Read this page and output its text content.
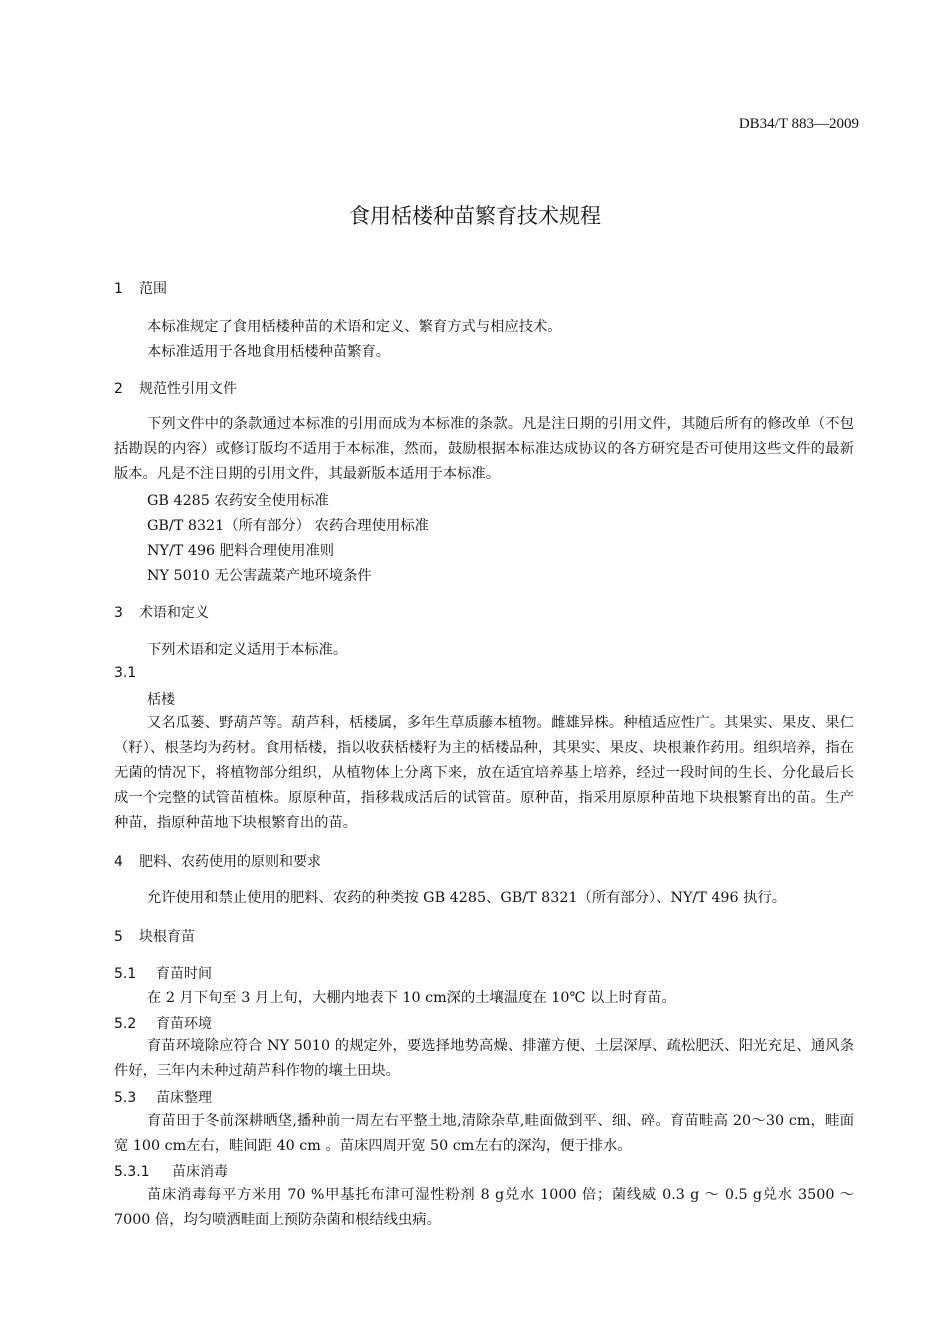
DB34/T 883—2009
食用栝楼种苗繁育技术规程
1 范围
本标准规定了食用栝楼种苗的术语和定义、繁育方式与相应技术。
本标准适用于各地食用栝楼种苗繁育。
2 规范性引用文件

下列文件中的条款通过本标准的引用而成为本标准的条款。凡是注日期的引用文件，其随后所有的修改单（不包括勘误的内容）或修订版均不适用于本标准，然而，鼓励根据本标准达成协议的各方研究是否可使用这些文件的最新版本。凡是不注日期的引用文件，其最新版本适用于本标准。

GB 4285 农药安全使用标准
GB/T 8321（所有部分） 农药合理使用标准
NY/T 496 肥料合理使用准则
NY 5010 无公害蔬菜产地环境条件
3 术语和定义
下列术语和定义适用于本标准。
3.1
栝楼

又名瓜蒌、野葫芦等。葫芦科，栝楼属，多年生草质藤本植物。雌雄异株。种植适应性广。其果实、果皮、果仁（籽）、根茎均为药材。食用栝楼，指以收获栝楼籽为主的栝楼品种，其果实、果皮、块根兼作药用。组织培养，指在无菌的情况下，将植物部分组织，从植物体上分离下来，放在适宜培养基上培养，经过一段时间的生长、分化最后长成一个完整的试管苗植株。原原种苗，指移栽成活后的试管苗。原种苗，指采用原原种苗地下块根繁育出的苗。生产种苗，指原种苗地下块根繁育出的苗。

4 肥料、农药使用的原则和要求
允许使用和禁止使用的肥料、农药的种类按 GB 4285、GB/T 8321（所有部分）、NY/T 496 执行。
5 块根育苗
5.1 育苗时间
在 2 月下旬至 3 月上旬，大棚内地表下 10 cm深的土壤温度在 10℃ 以上时育苗。
5.2 育苗环境

育苗环境除应符合 NY 5010 的规定外，要选择地势高燥、排灌方便、土层深厚、疏松肥沃、阳光充足、通风条件好，三年内未种过葫芦科作物的壤土田块。

5.3 苗床整理

育苗田于冬前深耕晒垡,播种前一周左右平整土地,清除杂草,畦面做到平、细、碎。育苗畦高 20～30 cm，畦面宽 100 cm左右，畦间距 40 cm 。苗床四周开宽 50 cm左右的深沟，便于排水。

5.3.1 苗床消毒

苗床消毒每平方米用 70 %甲基托布津可湿性粉剂 8 g兑水 1000 倍；菌线威 0.3 g ～ 0.5 g兑水 3500 ～ 7000 倍，均匀喷洒畦面上预防杂菌和根结线虫病。
